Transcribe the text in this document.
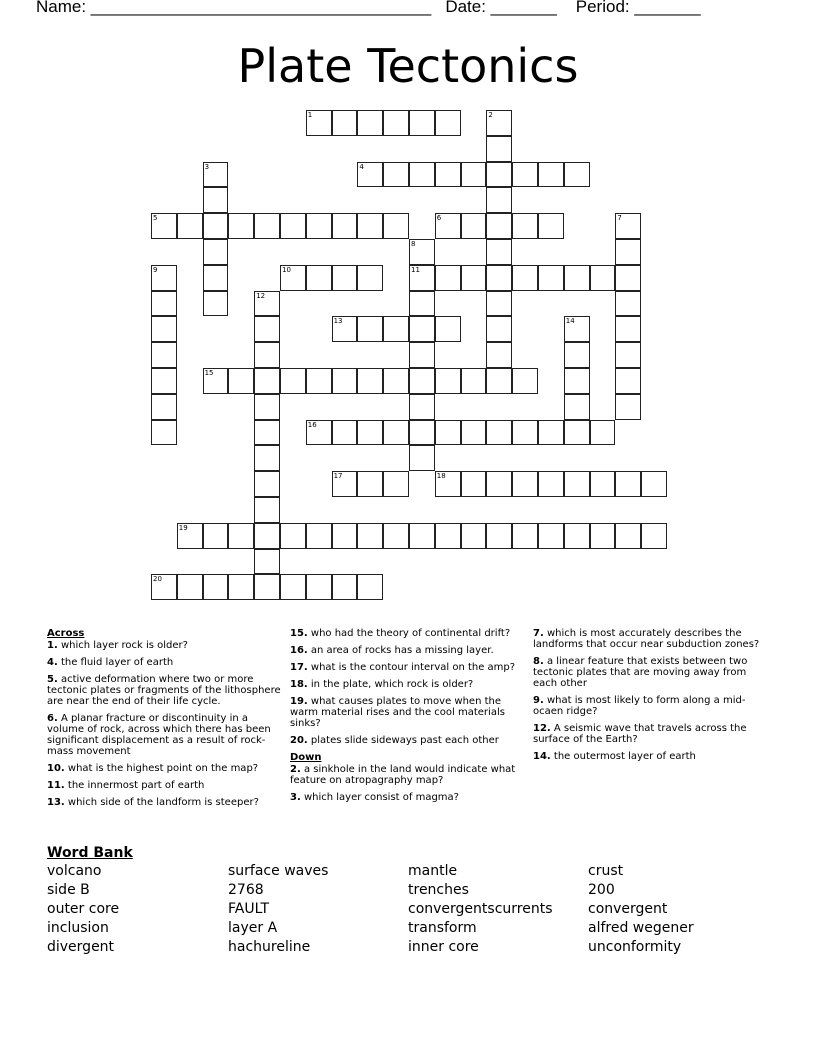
Name: ____________________________________   Date: _______    Period: _______
Plate Tectonics
1	2
3	4
5	6	7
8
11
9	10
12
13	14
15
16
17	18
19
20
Across
1. which layer rock is older?
4. the fluid layer of earth
5. active deformation where two or more tectonic plates or fragments of the lithosphere are near the end of their life cycle.
6. A planar fracture or discontinuity in a volume of rock, across which there has been significant displacement as a result of rock-mass movement
10. what is the highest point on the map?
11. the innermost part of earth
13. which side of the landform is steeper?
15. who had the theory of continental drift?
16. an area of rocks has a missing layer.
17. what is the contour interval on the amp?
18. in the plate, which rock is older?
19. what causes plates to move when the warm material rises and the cool materials sinks?
20. plates slide sideways past each other
Down
2. a sinkhole in the land would indicate what feature on atropagraphy map?
3. which layer consist of magma?
7. which is most accurately describes the landforms that occur near subduction zones?
8. a linear feature that exists between two tectonic plates that are moving away from each other
9. what is most likely to form along a mid-ocaen ridge?
12. A seismic wave that travels across the surface of the Earth?
14. the outermost layer of earth
Word Bank
volcano
side B
outer core
inclusion
divergent
surface waves
2768
FAULT
layer A
hachureline
mantle
trenches
convergentscurrents
transform
inner core
crust
200
convergent
alfred wegener
unconformity
